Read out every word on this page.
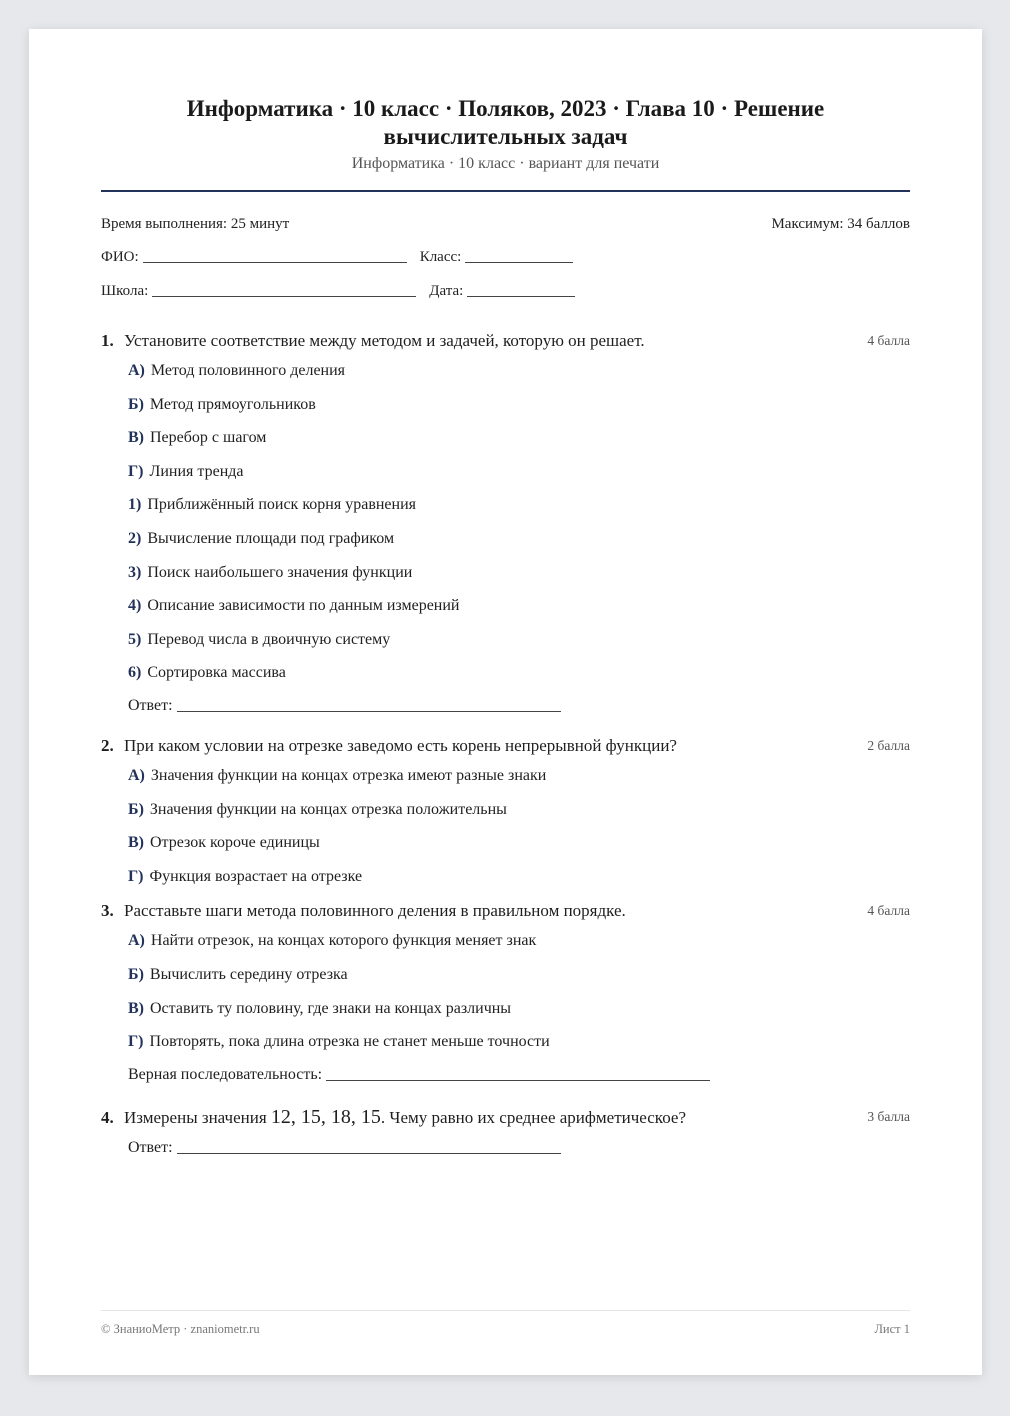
Информатика · 10 класс · Поляков, 2023 · Глава 10 · Решение вычислительных задач
Информатика · 10 класс · вариант для печати
Время выполнения: 25 минут	Максимум: 34 баллов
ФИО:	Класс:
Школа:	Дата:
1. Установите соответствие между методом и задачей, которую он решает.	4 балла
А) Метод половинного деления
Б) Метод прямоугольников
В) Перебор с шагом
Г) Линия тренда
1) Приближённый поиск корня уравнения
2) Вычисление площади под графиком
3) Поиск наибольшего значения функции
4) Описание зависимости по данным измерений
5) Перевод числа в двоичную систему
6) Сортировка массива
Ответ:
2. При каком условии на отрезке заведомо есть корень непрерывной функции?	2 балла
А) Значения функции на концах отрезка имеют разные знаки
Б) Значения функции на концах отрезка положительны
В) Отрезок короче единицы
Г) Функция возрастает на отрезке
3. Расставьте шаги метода половинного деления в правильном порядке.	4 балла
А) Найти отрезок, на концах которого функция меняет знак
Б) Вычислить середину отрезка
В) Оставить ту половину, где знаки на концах различны
Г) Повторять, пока длина отрезка не станет меньше точности
Верная последовательность:
4. Измерены значения 12, 15, 18, 15. Чему равно их среднее арифметическое?	3 балла
Ответ:
© ЗнаниоМетр · znaniometr.ru	Лист 1
